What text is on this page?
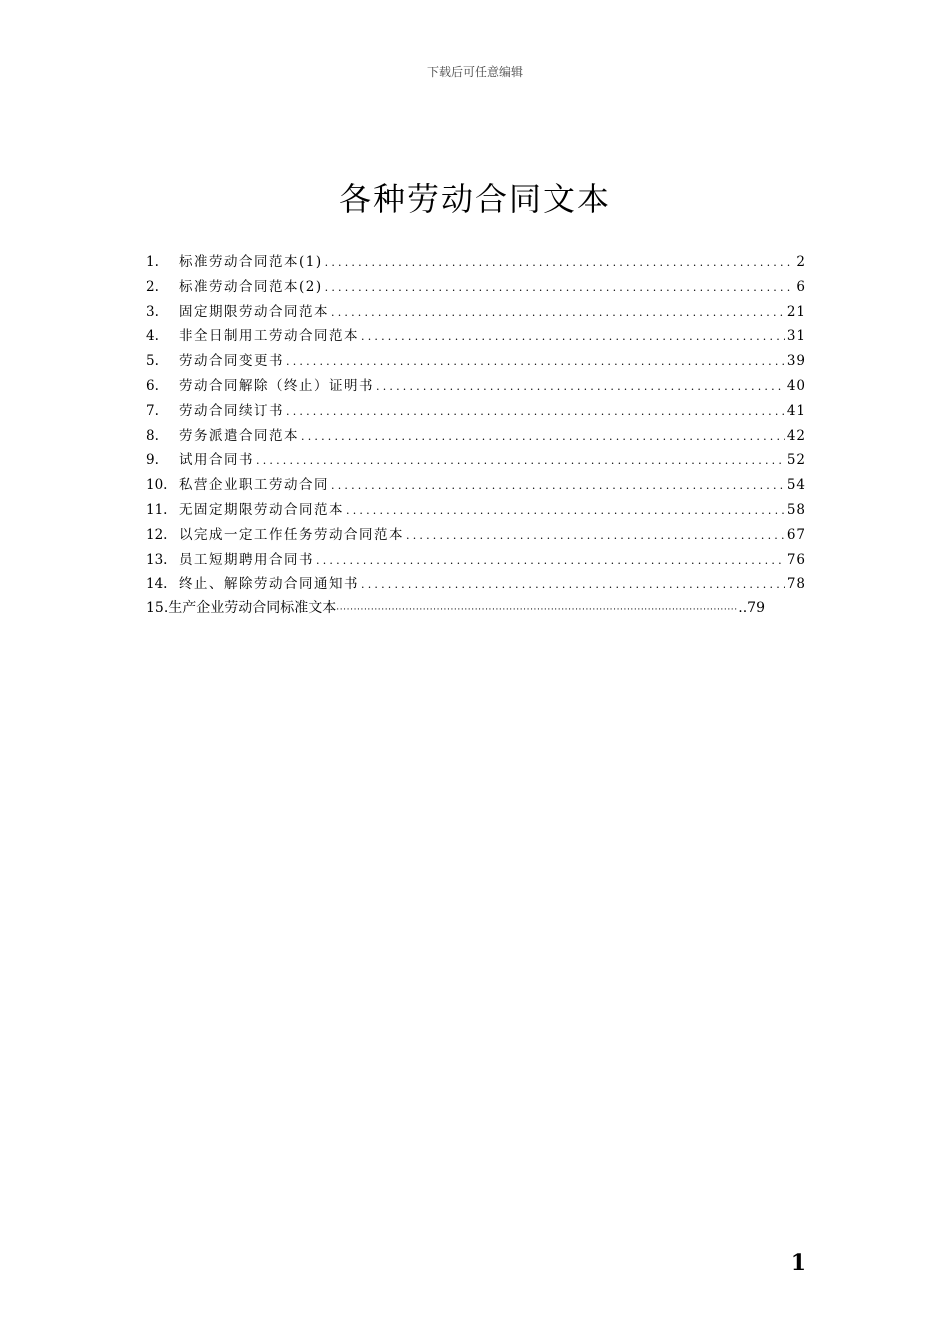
下载后可任意编辑
各种劳动合同文本
1.	标准劳动合同范本(1) .....	2
2.	标准劳动合同范本(2) .....	6
3.	固定期限劳动合同范本 .....	21
4.	非全日制用工劳动合同范本 .....	31
5.	劳动合同变更书 .....	39
6.	劳动合同解除（终止）证明书 .....	40
7.	劳动合同续订书 .....	41
8.	劳务派遣合同范本 .....	42
9.	试用合同书 .....	52
10. 私营企业职工劳动合同 .....	54
11. 无固定期限劳动合同范本 .....	58
12. 以完成一定工作任务劳动合同范本 .....	67
13. 员工短期聘用合同书 .....	76
14. 终止、解除劳动合同通知书 .....	78
15. 生产企业劳动合同标准文本 ·····	..79
1
